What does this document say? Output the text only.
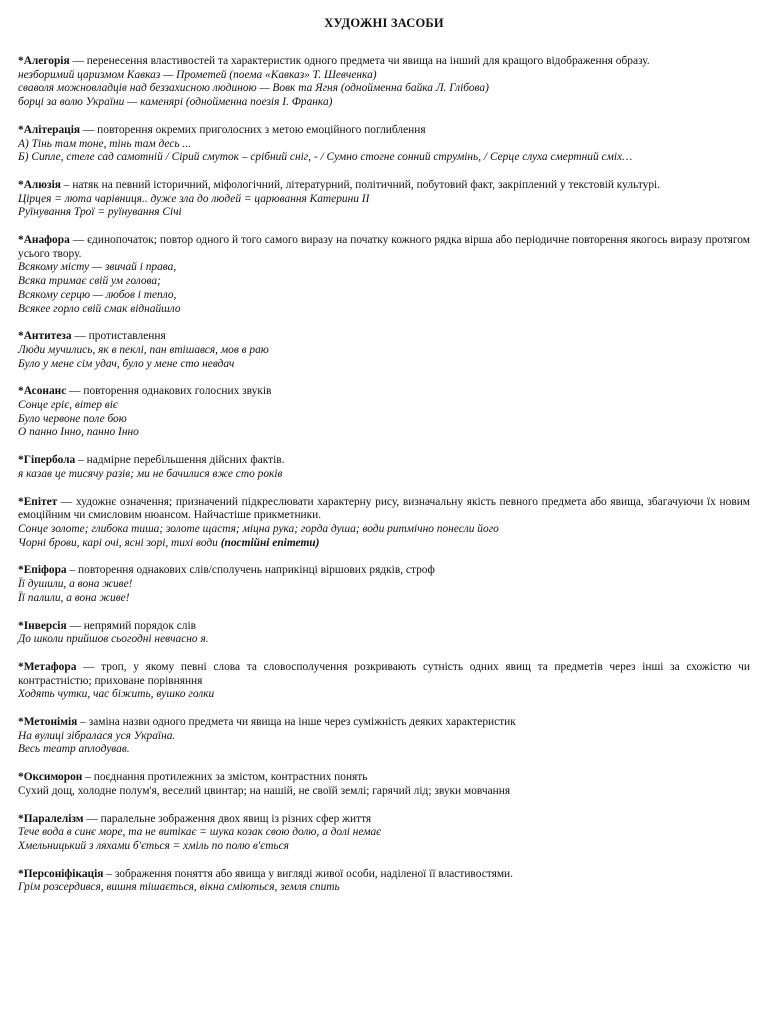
ХУДОЖНІ ЗАСОБИ

*Алегорія — перенесення властивостей та характеристик одного предмета чи явища на інший для кращого відображення образу.

незборимий царизмом Кавказ — Прометей (поема «Кавказ» Т. Шевченка)

сваволя можновладців над беззахисною людиною — Вовк та Ягня (однойменна байка Л. Глібова)

борці за волю України — каменярі (однойменна поезія І. Франка)

*Алітерація — повторення окремих приголосних з метою емоційного поглиблення

А) Тінь там тоне, тінь там десь ...

Б) Сипле, стеле сад самотній / Сірий смуток – срібний сніг, - / Сумно стогне сонний струмінь, / Серце слуха смертний сміх…

*Алюзія – натяк на певний історичний, міфологічний, літературний, політичний, побутовий факт, закріплений у текстовій культурі.

Цірцея = люта чарівниця.. дуже зла до людей = царювання Катерини ІІ

Руїнування Трої = руїнування Січі

*Анафора — єдинопочаток; повтор одного й того самого виразу на початку кожного рядка вірша або періодичне повторення якогось виразу протягом усього твору.

Всякому місту — звичай і права,

Всяка тримає свій ум голова;

Всякому серцю — любов і тепло,

Всякее горло свій смак віднайшло

*Антитеза — протиставлення

Люди мучились, як в пеклі, пан втішався, мов в раю

Було у мене сім удач, було у мене сто невдач

*Асонанс — повторення однакових голосних звуків

Сонце гріє, вітер віє

Було червоне поле бою

О панно Інно, панно Інно

*Гіпербола – надмірне перебільшення дійсних фактів.

я казав це тисячу разів; ми не бачилися вже сто років

*Епітет — художнє означення; призначений підкреслювати характерну рису, визначальну якість певного предмета або явища, збагачуючи їх новим емоційним чи смисловим нюансом. Найчастіше прикметники.

Сонце золоте; глибока тиша; золоте щастя; міцна рука; горда душа; води ритмічно понесли його

Чорні брови, карі очі, ясні зорі, тихі води (постійні епітети)

*Епіфора – повторення однакових слів/сполучень наприкінці віршових рядків, строф

Її душили, а вона живе!

Її палили, а вона живе!

*Інверсія — непрямий порядок слів

До школи прийшов сьогодні невчасно я.

*Метафора — троп, у якому певні слова та словосполучення розкривають сутність одних явищ та предметів через інші за схожістю чи контрастністю; приховане порівняння

Ходять чутки, час біжить, вушко голки

*Метонімія – заміна назви одного предмета чи явища на інше через суміжність деяких характеристик

На вулиці зібралася уся Україна.

Весь театр аплодував.

*Оксиморон – поєднання протилежних за змістом, контрастних понять

Сухий дощ, холодне полум'я, веселий цвинтар; на нашій, не своїй землі; гарячий лід; звуки мовчання

*Паралелізм — паралельне зображення двох явищ із різних сфер життя

Тече вода в синє море, та не витікає = шука козак свою долю, а долі немає

Хмельницький з ляхами б'ється = хміль по полю в'ється

*Персоніфікація – зображення поняття або явища у вигляді живої особи, наділеної її властивостями.

Грім розсердився, вишня тішається, вікна сміються, земля спить
